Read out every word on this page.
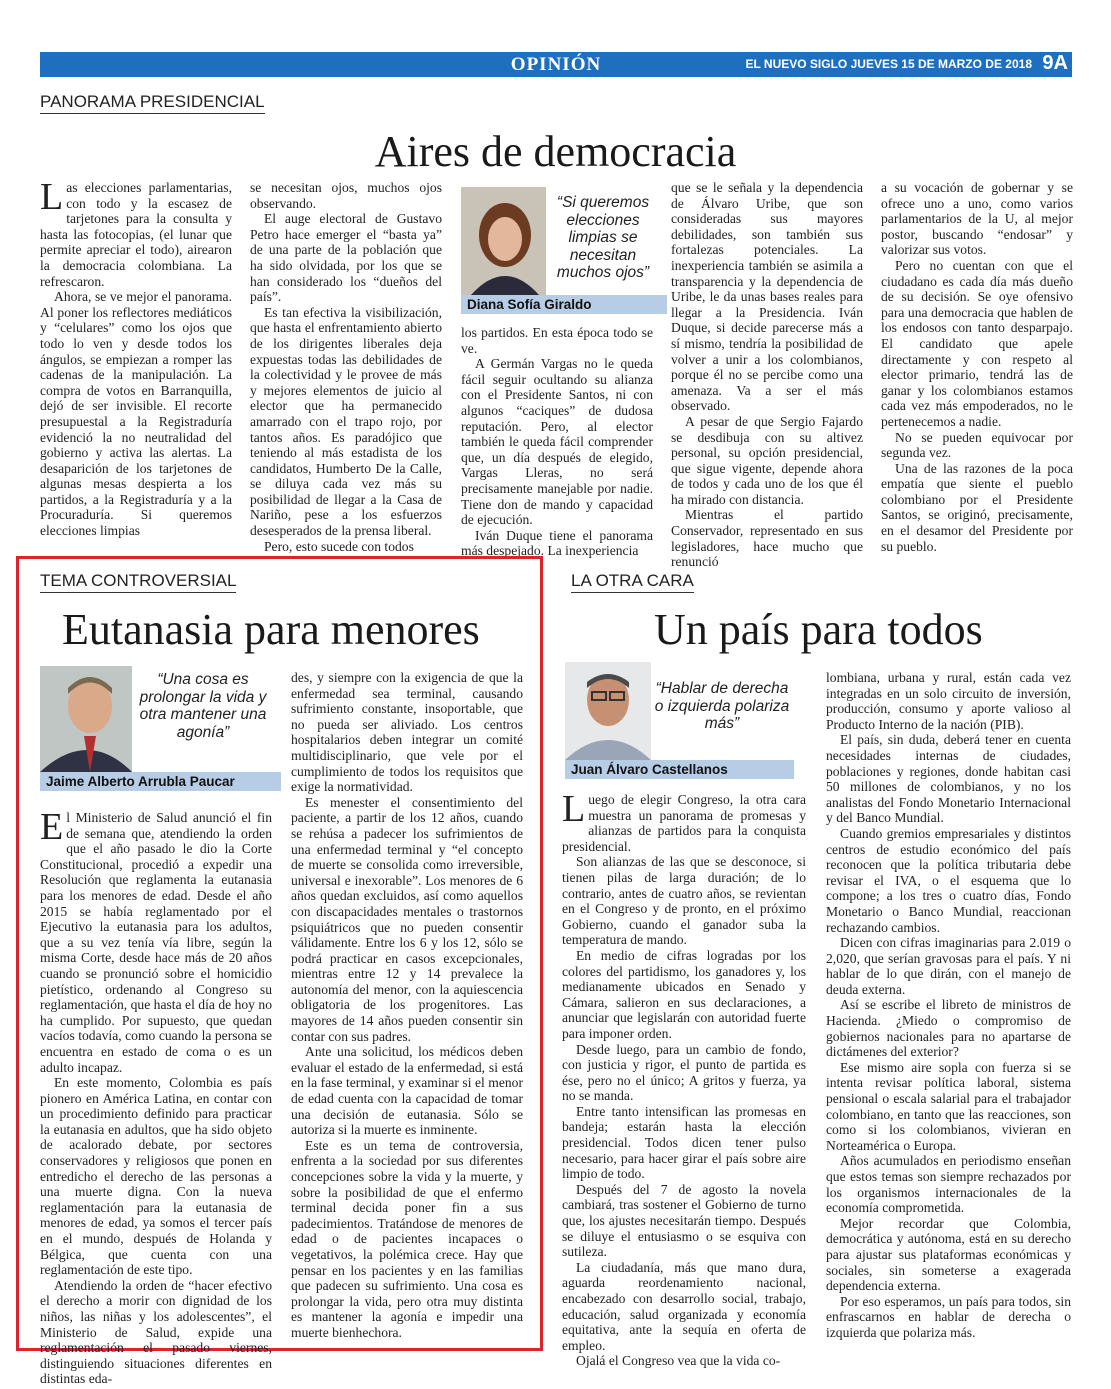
OPINIÓN	EL NUEVO SIGLO JUEVES 15 DE MARZO DE 2018 9A
PANORAMA PRESIDENCIAL
Aires de democracia

Las elecciones parlamentarias, con todo y la escasez de tarjetones para la consulta y hasta las fotocopias, (el lunar que permite apreciar el todo), airearon la democracia colombiana. La refrescaron.

Ahora, se ve mejor el panorama. Al poner los reflectores mediáticos y “celulares” como los ojos que todo lo ven y desde todos los ángulos, se empiezan a romper las cadenas de la manipulación. La compra de votos en Barranquilla, dejó de ser invisible. El recorte presupuestal a la Registraduría evidenció la no neutralidad del gobierno y activa las alertas. La desaparición de los tarjetones de algunas mesas despierta a los partidos, a la Registraduría y a la Procuraduría. Si queremos elecciones limpias

se necesitan ojos, muchos ojos observando.

El auge electoral de Gustavo Petro hace emerger el “basta ya” de una parte de la población que ha sido olvidada, por los que se han considerado los “dueños del país”.

Es tan efectiva la visibilización, que hasta el enfrentamiento abierto de los dirigentes liberales deja expuestas todas las debilidades de la colectividad y le provee de más y mejores elementos de juicio al elector que ha permanecido amarrado con el trapo rojo, por tantos años. Es paradójico que teniendo al más estadista de los candidatos, Humberto De la Calle, se diluya cada vez más su posibilidad de llegar a la Casa de Nariño, pese a los esfuerzos desesperados de la prensa liberal.

Pero, esto sucede con todos

“Si queremos elecciones limpias se necesitan muchos ojos”
Diana Sofía Giraldo

los partidos. En esta época todo se ve.

A Germán Vargas no le queda fácil seguir ocultando su alianza con el Presidente Santos, ni con algunos “caciques” de dudosa reputación. Pero, al elector también le queda fácil comprender que, un día después de elegido, Vargas Lleras, no será precisamente manejable por nadie. Tiene don de mando y capacidad de ejecución.

Iván Duque tiene el panorama más despejado. La inexperiencia

que se le señala y la dependencia de Álvaro Uribe, que son consideradas sus mayores debilidades, son también sus fortalezas potenciales. La inexperiencia también se asimila a transparencia y la dependencia de Uribe, le da unas bases reales para llegar a la Presidencia. Iván Duque, si decide parecerse más a sí mismo, tendría la posibilidad de volver a unir a los colombianos, porque él no se percibe como una amenaza. Va a ser el más observado.

A pesar de que Sergio Fajardo se desdibuja con su altivez personal, su opción presidencial, que sigue vigente, depende ahora de todos y cada uno de los que él ha mirado con distancia.

Mientras el partido Conservador, representado en sus legisladores, hace mucho que renunció

a su vocación de gobernar y se ofrece uno a uno, como varios parlamentarios de la U, al mejor postor, buscando “endosar” y valorizar sus votos.

Pero no cuentan con que el ciudadano es cada día más dueño de su decisión. Se oye ofensivo para una democracia que hablen de los endosos con tanto desparpajo. El candidato que apele directamente y con respeto al elector primario, tendrá las de ganar y los colombianos estamos cada vez más empoderados, no le pertenecemos a nadie.

No se pueden equivocar por segunda vez.

Una de las razones de la poca empatía que siente el pueblo colombiano por el Presidente Santos, se originó, precisamente, en el desamor del Presidente por su pueblo.

TEMA CONTROVERSIAL
Eutanasia para menores
“Una cosa es prolongar la vida y otra mantener una agonía”
Jaime Alberto Arrubla Paucar

El Ministerio de Salud anunció el fin de semana que, atendiendo la orden que el año pasado le dio la Corte Constitucional, procedió a expedir una Resolución que reglamenta la eutanasia para los menores de edad. Desde el año 2015 se había reglamentado por el Ejecutivo la eutanasia para los adultos, que a su vez tenía vía libre, según la misma Corte, desde hace más de 20 años cuando se pronunció sobre el homicidio pietístico, ordenando al Congreso su reglamentación, que hasta el día de hoy no ha cumplido. Por supuesto, que quedan vacíos todavía, como cuando la persona se encuentra en estado de coma o es un adulto incapaz.

En este momento, Colombia es país pionero en América Latina, en contar con un procedimiento definido para practicar la eutanasia en adultos, que ha sido objeto de acalorado debate, por sectores conservadores y religiosos que ponen en entredicho el derecho de las personas a una muerte digna. Con la nueva reglamentación para la eutanasia de menores de edad, ya somos el tercer país en el mundo, después de Holanda y Bélgica, que cuenta con una reglamentación de este tipo.

Atendiendo la orden de “hacer efectivo el derecho a morir con dignidad de los niños, las niñas y los adolescentes”, el Ministerio de Salud, expide una reglamentación el pasado viernes, distinguiendo situaciones diferentes en distintas eda-

des, y siempre con la exigencia de que la enfermedad sea terminal, causando sufrimiento constante, insoportable, que no pueda ser aliviado. Los centros hospitalarios deben integrar un comité multidisciplinario, que vele por el cumplimiento de todos los requisitos que exige la normatividad.

Es menester el consentimiento del paciente, a partir de los 12 años, cuando se rehúsa a padecer los sufrimientos de una enfermedad terminal y “el concepto de muerte se consolida como irreversible, universal e inexorable”. Los menores de 6 años quedan excluidos, así como aquellos con discapacidades mentales o trastornos psiquiátricos que no pueden consentir válidamente. Entre los 6 y los 12, sólo se podrá practicar en casos excepcionales, mientras entre 12 y 14 prevalece la autonomía del menor, con la aquiescencia obligatoria de los progenitores. Las mayores de 14 años pueden consentir sin contar con sus padres.

Ante una solicitud, los médicos deben evaluar el estado de la enfermedad, si está en la fase terminal, y examinar si el menor de edad cuenta con la capacidad de tomar una decisión de eutanasia. Sólo se autoriza si la muerte es inminente.

Este es un tema de controversia, enfrenta a la sociedad por sus diferentes concepciones sobre la vida y la muerte, y sobre la posibilidad de que el enfermo terminal decida poner fin a sus padecimientos. Tratándose de menores de edad o de pacientes incapaces o vegetativos, la polémica crece. Hay que pensar en los pacientes y en las familias que padecen su sufrimiento. Una cosa es prolongar la vida, pero otra muy distinta es mantener la agonía e impedir una muerte bienhechora.

LA OTRA CARA
Un país para todos
“Hablar de derecha o izquierda polariza más”
Juan Álvaro Castellanos

Luego de elegir Congreso, la otra cara muestra un panorama de promesas y alianzas de partidos para la conquista presidencial.

Son alianzas de las que se desconoce, si tienen pilas de larga duración; de lo contrario, antes de cuatro años, se revientan en el Congreso y de pronto, en el próximo Gobierno, cuando el ganador suba la temperatura de mando.

En medio de cifras logradas por los colores del partidismo, los ganadores y, los medianamente ubicados en Senado y Cámara, salieron en sus declaraciones, a anunciar que legislarán con autoridad fuerte para imponer orden.

Desde luego, para un cambio de fondo, con justicia y rigor, el punto de partida es ése, pero no el único; A gritos y fuerza, ya no se manda.

Entre tanto intensifican las promesas en bandeja; estarán hasta la elección presidencial. Todos dicen tener pulso necesario, para hacer girar el país sobre aire limpio de todo.

Después del 7 de agosto la novela cambiará, tras sostener el Gobierno de turno que, los ajustes necesitarán tiempo. Después se diluye el entusiasmo o se esquiva con sutileza.

La ciudadanía, más que mano dura, aguarda reordenamiento nacional, encabezado con desarrollo social, trabajo, educación, salud organizada y economía equitativa, ante la sequía en oferta de empleo.

Ojalá el Congreso vea que la vida co-

lombiana, urbana y rural, están cada vez integradas en un solo circuito de inversión, producción, consumo y aporte valioso al Producto Interno de la nación (PIB).

El país, sin duda, deberá tener en cuenta necesidades internas de ciudades, poblaciones y regiones, donde habitan casi 50 millones de colombianos, y no los analistas del Fondo Monetario Internacional y del Banco Mundial.

Cuando gremios empresariales y distintos centros de estudio económico del país reconocen que la política tributaria debe revisar el IVA, o el esquema que lo compone; a los tres o cuatro días, Fondo Monetario o Banco Mundial, reaccionan rechazando cambios.

Dicen con cifras imaginarias para 2.019 o 2,020, que serían gravosas para el país. Y ni hablar de lo que dirán, con el manejo de deuda externa.

Así se escribe el libreto de ministros de Hacienda. ¿Miedo o compromiso de gobiernos nacionales para no apartarse de dictámenes del exterior?

Ese mismo aire sopla con fuerza si se intenta revisar política laboral, sistema pensional o escala salarial para el trabajador colombiano, en tanto que las reacciones, son como si los colombianos, vivieran en Norteamérica o Europa.

Años acumulados en periodismo enseñan que estos temas son siempre rechazados por los organismos internacionales de la economía comprometida.

Mejor recordar que Colombia, democrática y autónoma, está en su derecho para ajustar sus plataformas económicas y sociales, sin someterse a exagerada dependencia externa.

Por eso esperamos, un país para todos, sin enfrascarnos en hablar de derecha o izquierda que polariza más.
